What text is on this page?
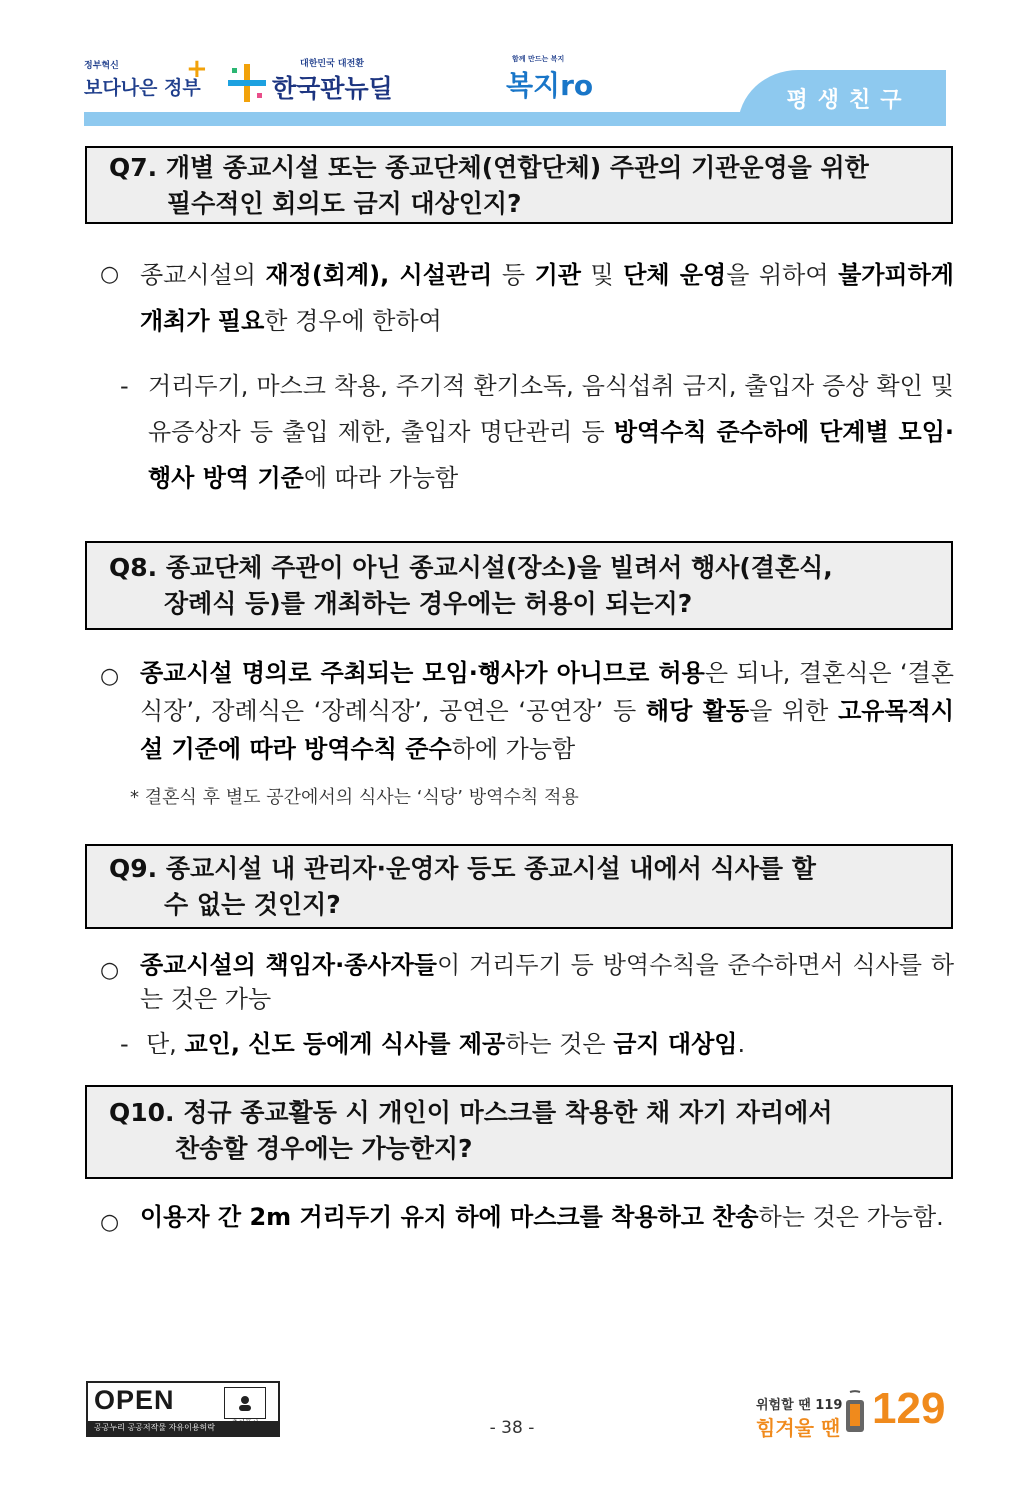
정부혁신
보다나은 정부
+	대한민국 대전환
한국판뉴딜
함께 만드는 복지
복지ro	평생친구
Q7. 개별 종교시설 또는 종교단체(연합단체) 주관의 기관운영을 위한
필수적인 회의도 금지 대상인지?
○ 종교시설의 재정(회계), 시설관리 등 기관 및 단체 운영을 위하여 불가피하게 개최가 필요한 경우에 한하여
- 거리두기, 마스크 착용, 주기적 환기소독, 음식섭취 금지, 출입자 증상 확인 및 유증상자 등 출입 제한, 출입자 명단관리 등 방역수칙 준수하에 단계별 모임·행사 방역 기준에 따라 가능함
Q8. 종교단체 주관이 아닌 종교시설(장소)을 빌려서 행사(결혼식,
장례식 등)를 개최하는 경우에는 허용이 되는지?
○ 종교시설 명의로 주최되는 모임·행사가 아니므로 허용은 되나, 결혼식은 ‘결혼식장’, 장례식은 ‘장례식장’, 공연은 ‘공연장’ 등 해당 활동을 위한 고유목적시설 기준에 따라 방역수칙 준수하에 가능함
* 결혼식 후 별도 공간에서의 식사는 ‘식당’ 방역수칙 적용
Q9. 종교시설 내 관리자·운영자 등도 종교시설 내에서 식사를 할
수 없는 것인지?
○ 종교시설의 책임자·종사자들이 거리두기 등 방역수칙을 준수하면서 식사를 하는 것은 가능
- 단, 교인, 신도 등에게 식사를 제공하는 것은 금지 대상임.
Q10. 정규 종교활동 시 개인이 마스크를 착용한 채 자기 자리에서
찬송할 경우에는 가능한지?
○ 이용자 간 2m 거리두기 유지 하에 마스크를 착용하고 찬송하는 것은 가능함.
OPEN
공공누리 공공저작물 자유이용허락	- 38 -
위험할 땐 119
힘겨울 땐 129
